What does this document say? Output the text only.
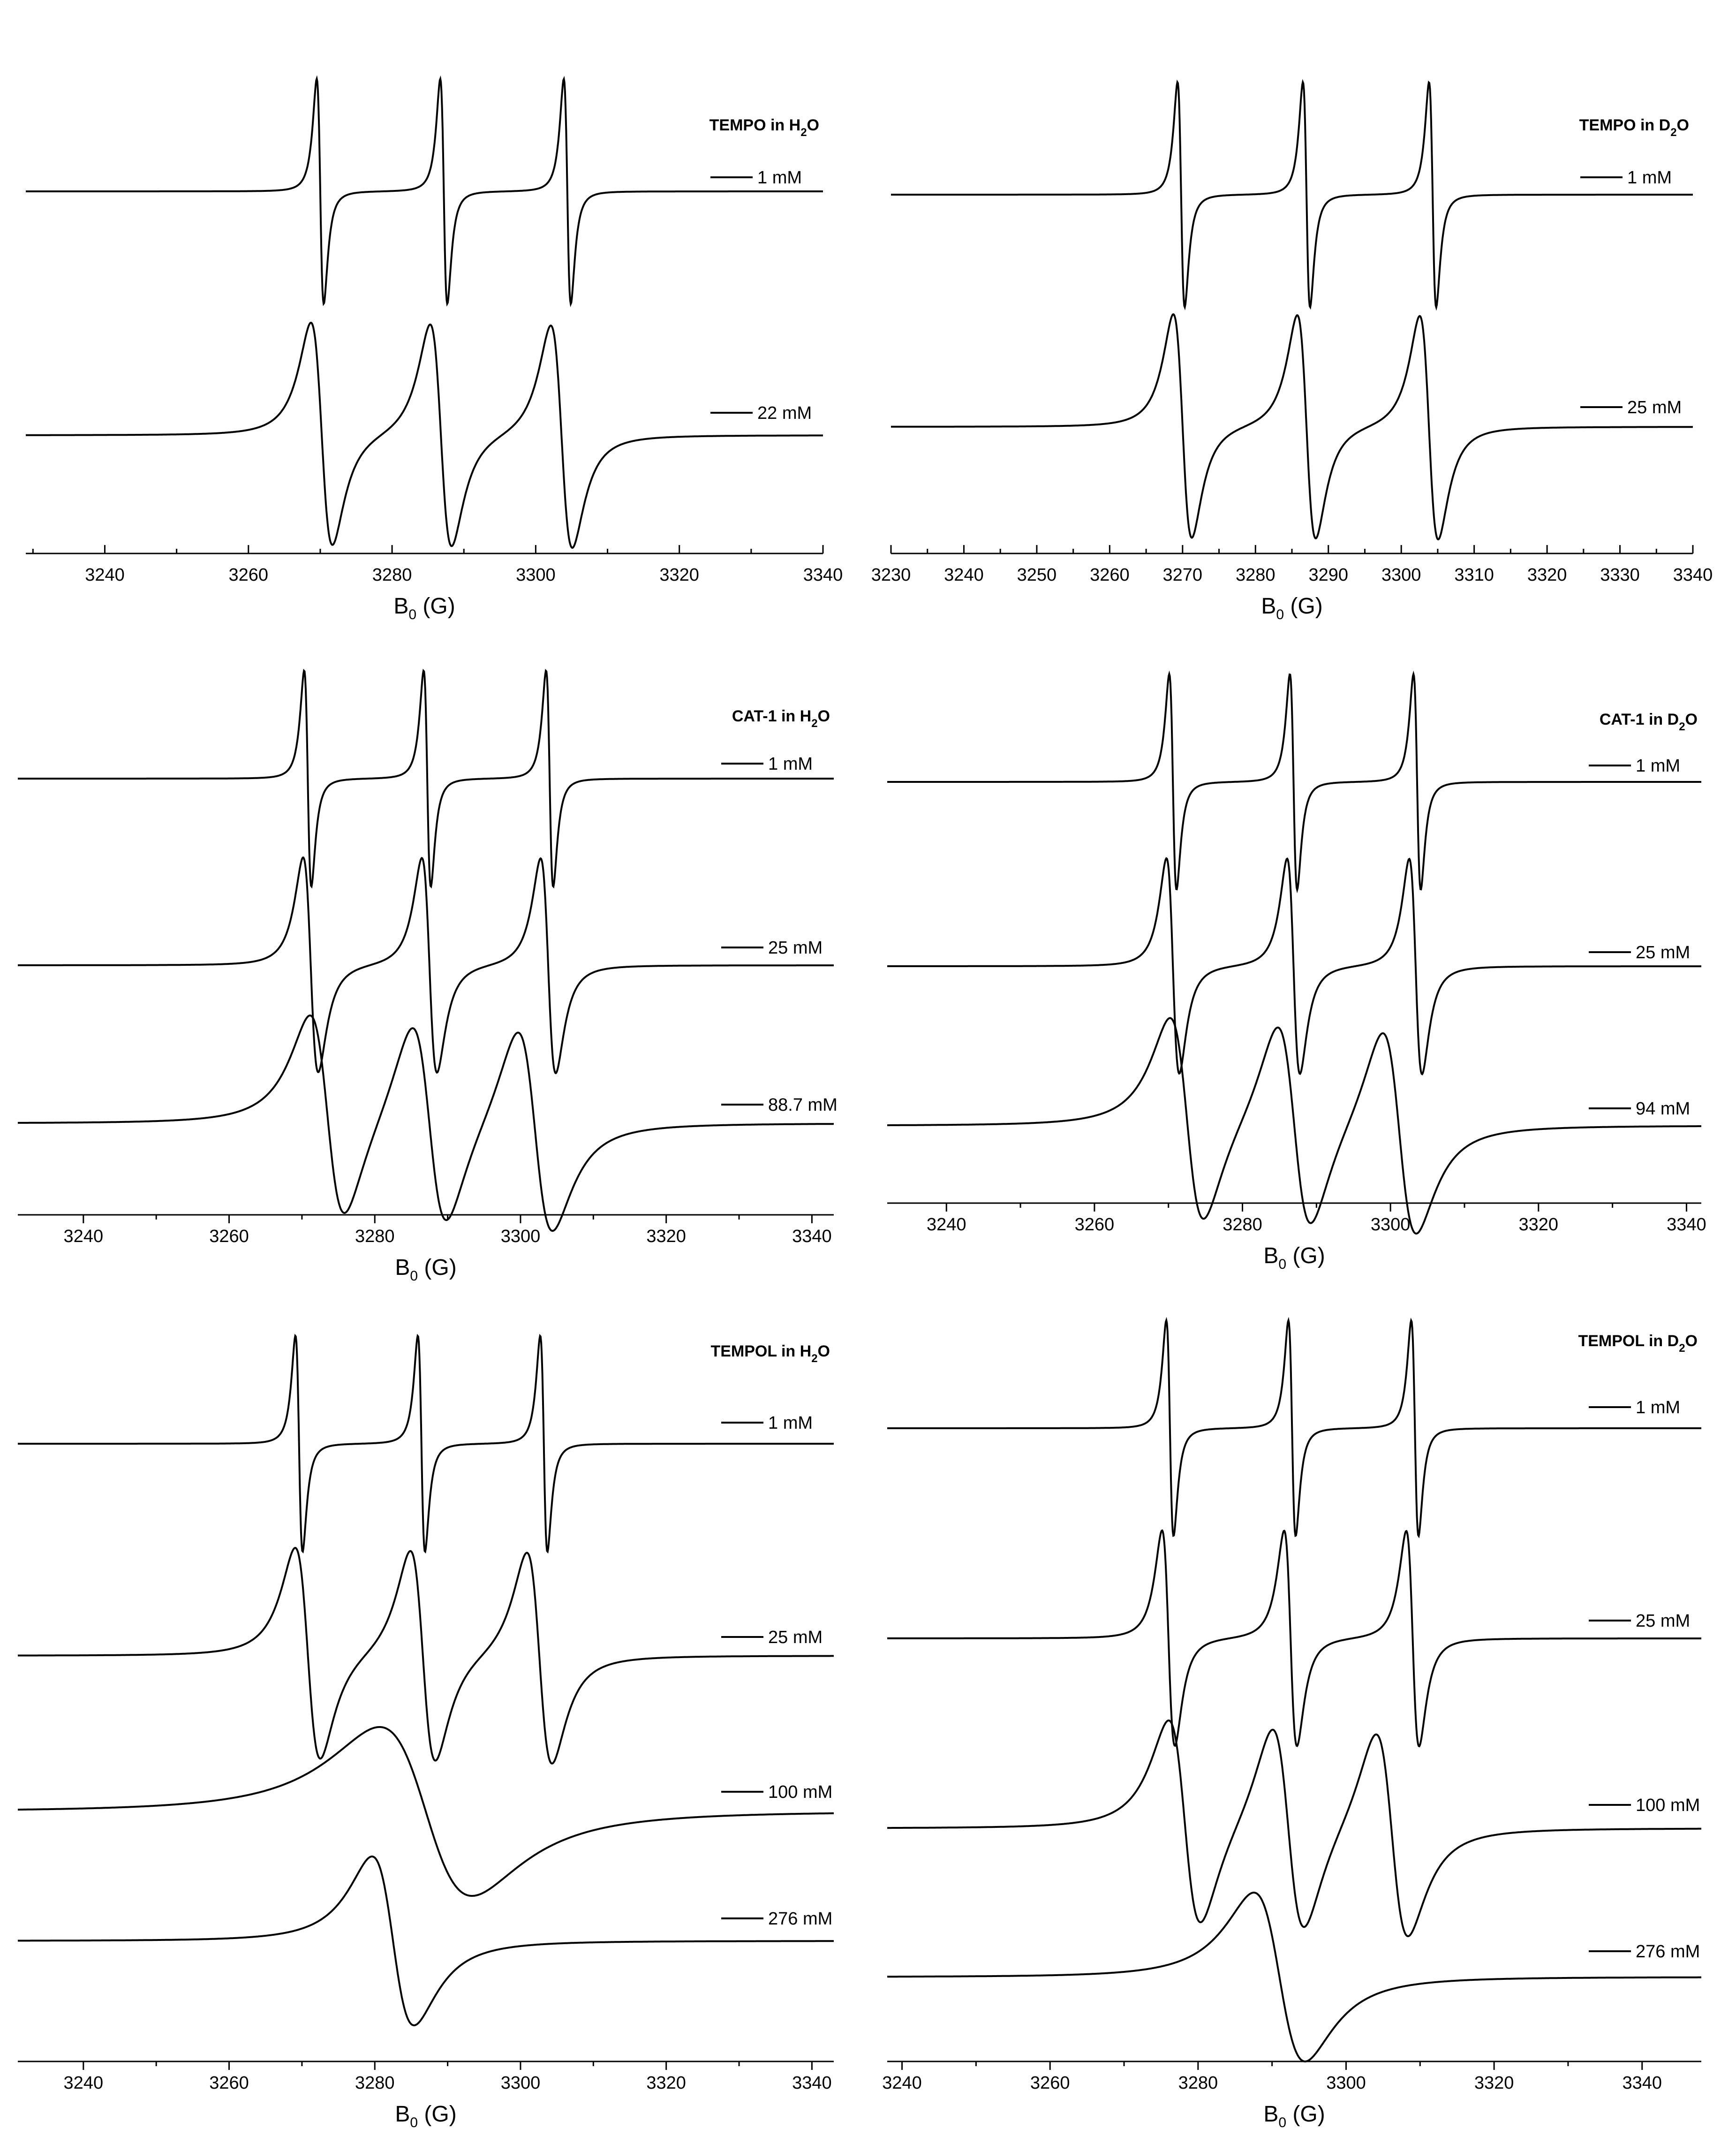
1 mM
22 mM
TEMPO in $H_2O$
3240	3260	3280	3300	3320	3340
$B_0$ (G)
1 mM
25 mM
TEMPO in $D_2O$
3230 3240 3250 3260 3270 3280 3290 3300 3310 3320 3330 3340
$B_0$ (G)
1 mM
25 mM
88.7 mM
CAT-1 in $H_2O$
3240	3260	3280	3300	3320	3340
$B_0$ (G)
1 mM
25 mM
94 mM
CAT-1 in $D_2O$
3240	3260	3280	3300	3320	3340
$B_0$ (G)
1 mM
25 mM
100 mM
276 mM
TEMPOL in $H_2O$
3240	3260	3280	3300	3320	3340
$B_0$ (G)
1 mM
25 mM
100 mM
276 mM
TEMPOL in $D_2O$
3240	3260	3280	3300	3320	3340
$B_0$ (G)
